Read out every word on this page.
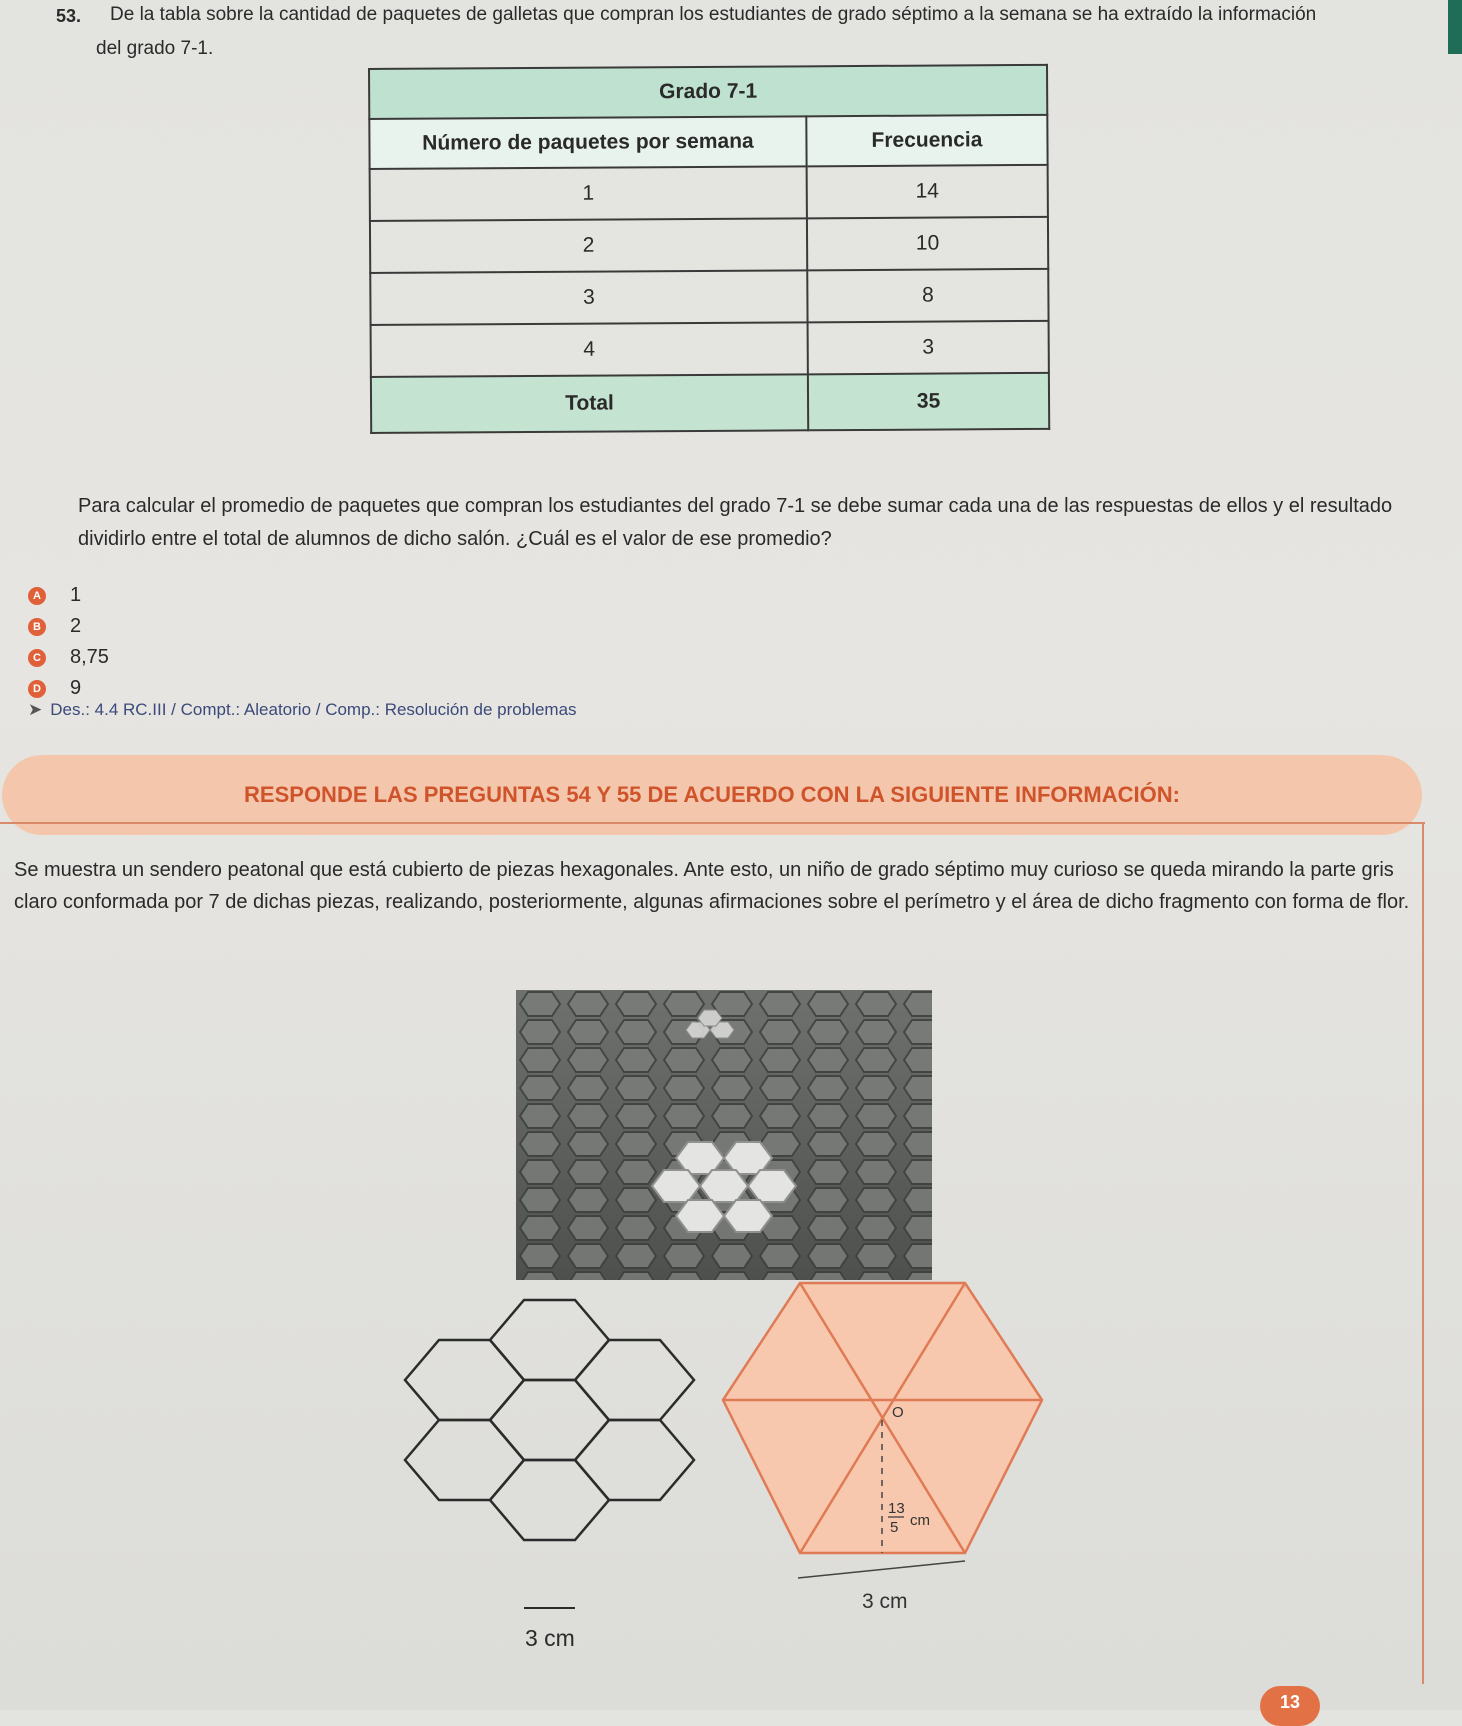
53. De la tabla sobre la cantidad de paquetes de galletas que compran los estudiantes de grado séptimo a la semana se ha extraído la información
del grado 7-1.
Grado 7-1	
Número de paquetes por semana	Frecuencia
1	14
2	10
3	8
4	3
Total	35
Para calcular el promedio de paquetes que compran los estudiantes del grado 7-1 se debe sumar cada una de las respuestas de ellos y el resultado dividirlo entre el total de alumnos de dicho salón. ¿Cuál es el valor de ese promedio?
A 1
B 2
C 8,75
D 9
➤ Des.: 4.4 RC.III / Compt.: Aleatorio / Comp.: Resolución de problemas
RESPONDE LAS PREGUNTAS 54 Y 55 DE ACUERDO CON LA SIGUIENTE INFORMACIÓN:
Se muestra un sendero peatonal que está cubierto de piezas hexagonales. Ante esto, un niño de grado séptimo muy curioso se queda mirando la parte gris claro conformada por 7 de dichas piezas, realizando, posteriormente, algunas afirmaciones sobre el perímetro y el área de dicho fragmento con forma de flor.
3 cm
O
13
5 cm
3 cm
13
